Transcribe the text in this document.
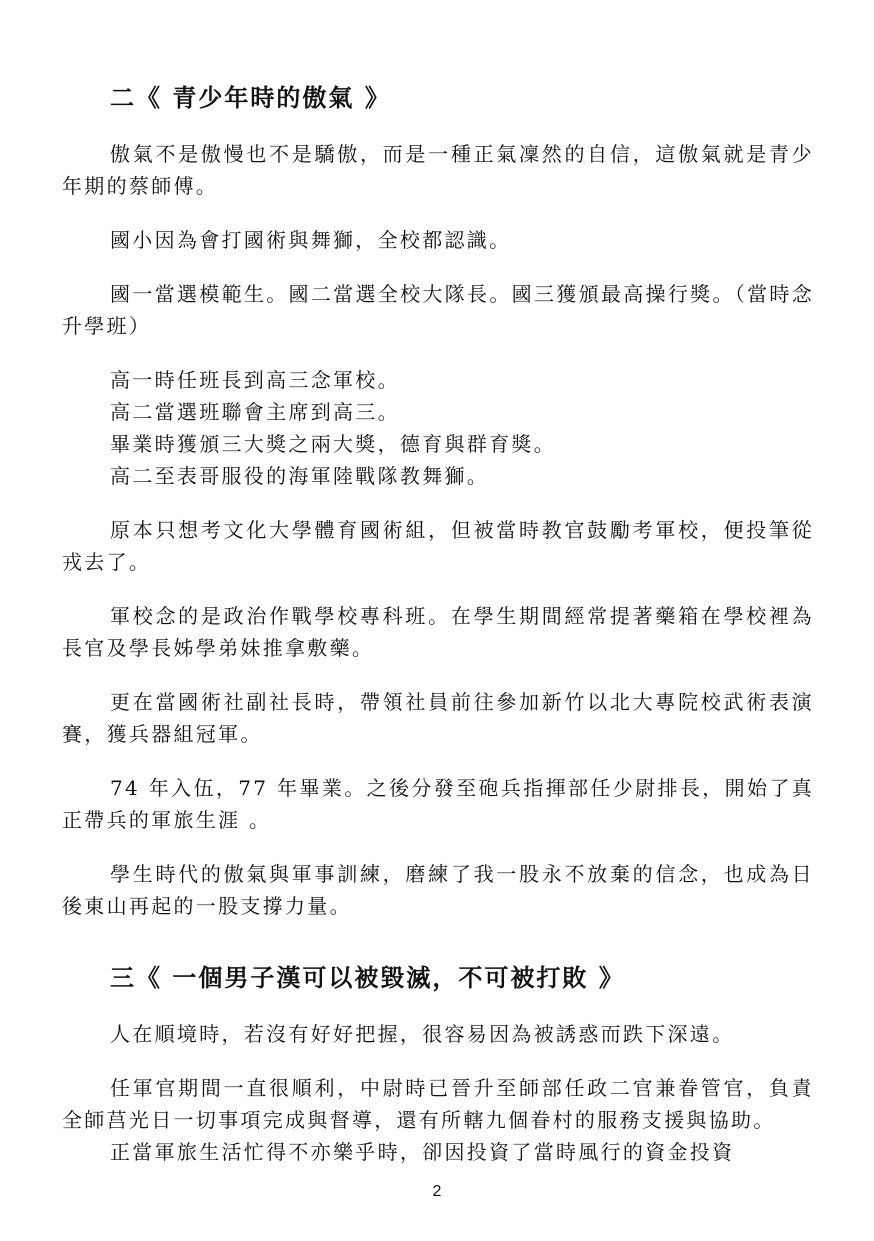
二《 青少年時的傲氣 》

傲氣不是傲慢也不是驕傲，而是一種正氣凜然的自信，這傲氣就是青少年期的蔡師傅。

國小因為會打國術與舞獅，全校都認識。

國一當選模範生。國二當選全校大隊長。國三獲頒最高操行獎。（當時念升學班）

高一時任班長到高三念軍校。

高二當選班聯會主席到高三。

畢業時獲頒三大獎之兩大獎，德育與群育獎。

高二至表哥服役的海軍陸戰隊教舞獅。

原本只想考文化大學體育國術組，但被當時教官鼓勵考軍校，便投筆從戎去了。

軍校念的是政治作戰學校專科班。在學生期間經常提著藥箱在學校裡為長官及學長姊學弟妹推拿敷藥。

更在當國術社副社長時，帶領社員前往參加新竹以北大專院校武術表演賽，獲兵器組冠軍。

74 年入伍，77 年畢業。之後分發至砲兵指揮部任少尉排長，開始了真正帶兵的軍旅生涯 。

學生時代的傲氣與軍事訓練，磨練了我一股永不放棄的信念，也成為日後東山再起的一股支撐力量。

三《 一個男子漢可以被毀滅，不可被打敗 》

人在順境時，若沒有好好把握，很容易因為被誘惑而跌下深遠。

任軍官期間一直很順利，中尉時已晉升至師部任政二官兼眷管官，負責全師莒光日一切事項完成與督導，還有所轄九個眷村的服務支援與協助。

正當軍旅生活忙得不亦樂乎時，卻因投資了當時風行的資金投資

2
